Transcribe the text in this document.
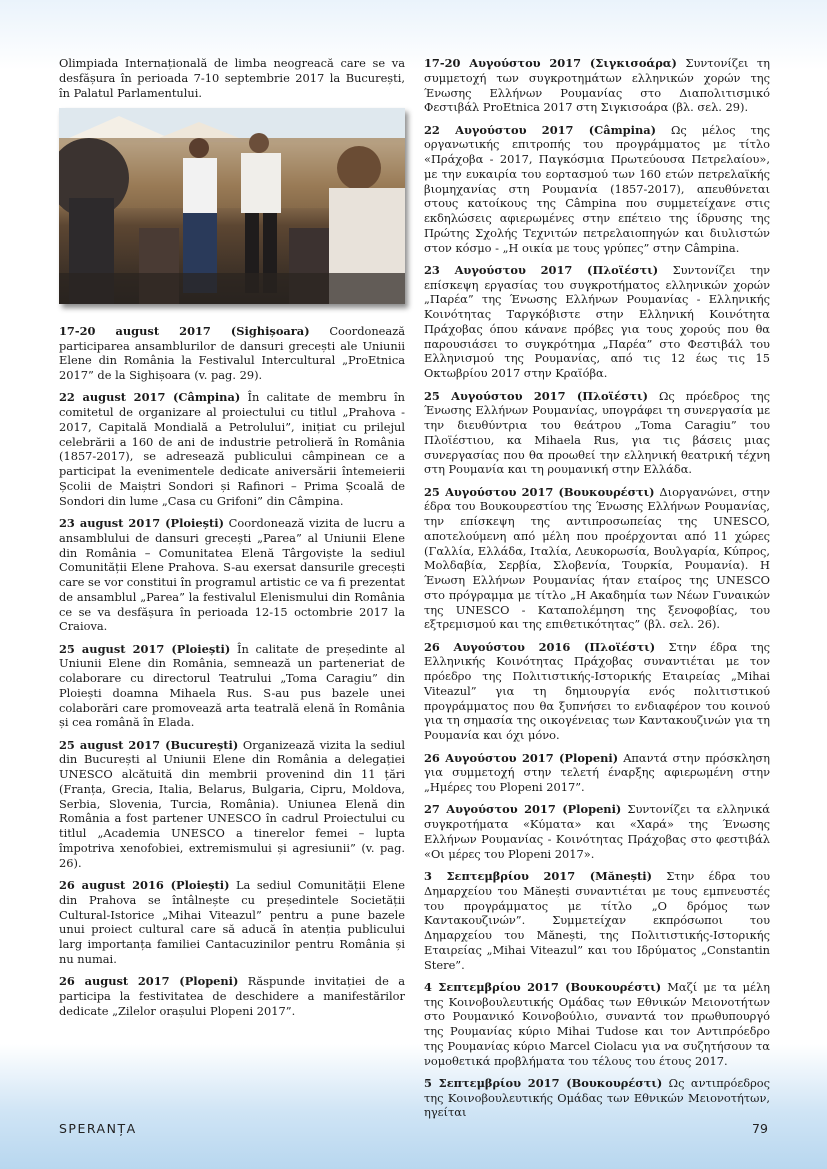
Olimpiada Internațională de limba neogreacă care se va desfășura în perioada 7-10 septembrie 2017 la București, în Palatul Parlamentului.

17-20 august 2017 (Sighișoara) Coordonează participarea ansamblurilor de dansuri grecești ale Uniunii Elene din România la Festivalul Intercultural „ProEtnica 2017” de la Sighișoara (v. pag. 29).

22 august 2017 (Câmpina) În calitate de membru în comitetul de organizare al proiectului cu titlul „Prahova - 2017, Capitală Mondială a Petrolului”, inițiat cu prilejul celebrării a 160 de ani de industrie petrolieră în România (1857-2017), se adresează publicului câmpinean ce a participat la evenimentele dedicate aniversării întemeierii Școlii de Maiștri Sondori și Rafinori – Prima Școală de Sondori din lume „Casa cu Grifoni” din Câmpina.

23 august 2017 (Ploiești) Coordonează vizita de lucru a ansamblului de dansuri grecești „Parea” al Uniunii Elene din România – Comunitatea Elenă Târgoviște la sediul Comunității Elene Prahova. S-au exersat dansurile grecești care se vor constitui în programul artistic ce va fi prezentat de ansamblul „Parea” la festivalul Elenismului din România ce se va desfășura în perioada 12-15 octombrie 2017 la Craiova.

25 august 2017 (Ploiești) În calitate de președinte al Uniunii Elene din România, semnează un parteneriat de colaborare cu directorul Teatrului „Toma Caragiu” din Ploiești doamna Mihaela Rus. S-au pus bazele unei colaborări care promovează arta teatrală elenă în România și cea română în Elada.

25 august 2017 (București) Organizează vizita la sediul din București al Uniunii Elene din România a delegației UNESCO alcătuită din membrii provenind din 11 țări (Franța, Grecia, Italia, Belarus, Bulgaria, Cipru, Moldova, Serbia, Slovenia, Turcia, România). Uniunea Elenă din România a fost partener UNESCO în cadrul Proiectului cu titlul „Academia UNESCO a tinerelor femei – lupta împotriva xenofobiei, extremismului și agresiunii” (v. pag. 26).

26 august 2016 (Ploiești) La sediul Comunității Elene din Prahova se întâlnește cu președintele Societății Cultural-Istorice „Mihai Viteazul” pentru a pune bazele unui proiect cultural care să aducă în atenția publicului larg importanța familiei Cantacuzinilor pentru România și nu numai.

26 august 2017 (Plopeni) Răspunde invitației de a participa la festivitatea de deschidere a manifestărilor dedicate „Zilelor orașului Plopeni 2017”.

17-20 Αυγούστου 2017 (Σιγκισοάρα) Συντονίζει τη συμμετοχή των συγκροτημάτων ελληνικών χορών της Ένωσης Ελλήνων Ρουμανίας στο Διαπολιτισμικό Φεστιβάλ ProEtnica 2017 στη Σιγκισοάρα (βλ. σελ. 29).

22 Αυγούστου 2017 (Câmpina) Ως μέλος της οργανωτικής επιτροπής του προγράμματος με τίτλο «Πράχοβα - 2017, Παγκόσμια Πρωτεύουσα Πετρελαίου», με την ευκαιρία του εορτασμού των 160 ετών πετρελαϊκής βιομηχανίας στη Ρουμανία (1857-2017), απευθύνεται στους κατοίκους της Câmpina που συμμετείχανε στις εκδηλώσεις αφιερωμένες στην επέτειο της ίδρυσης της Πρώτης Σχολής Τεχνιτών πετρελαιοπηγών και διυλιστών στον κόσμο - „Η οικία με τους γρύπες” στην Câmpina.

23 Αυγούστου 2017 (Πλοϊέστι) Συντονίζει την επίσκεψη εργασίας του συγκροτήματος ελληνικών χορών „Παρέα” της Ένωσης Ελλήνων Ρουμανίας - Ελληνικής Κοινότητας Ταργκόβιστε στην Ελληνική Κοινότητα Πράχοβας όπου κάνανε πρόβες για τους χορούς που θα παρουσιάσει το συγκρότημα „Παρέα” στο Φεστιβάλ του Ελληνισμού της Ρουμανίας, από τις 12 έως τις 15 Οκτωβρίου 2017 στην Κραϊόβα.

25 Αυγούστου 2017 (Πλοϊέστι) Ως πρόεδρος της Ένωσης Ελλήνων Ρουμανίας, υπογράφει τη συνεργασία με την διευθύντρια του θεάτρου „Toma Caragiu” του Πλοϊέστιου, κα Mihaela Rus, για τις βάσεις μιας συνεργασίας που θα προωθεί την ελληνική θεατρική τέχνη στη Ρουμανία και τη ρουμανική στην Ελλάδα.

25 Αυγούστου 2017 (Βουκουρέστι) Διοργανώνει, στην έδρα του Βουκουρεστίου της Ένωσης Ελλήνων Ρουμανίας, την επίσκεψη της αντιπροσωπείας της UNESCO, αποτελούμενη από μέλη που προέρχονται από 11 χώρες (Γαλλία, Ελλάδα, Ιταλία, Λευκορωσία, Βουλγαρία, Κύπρος, Μολδαβία, Σερβία, Σλοβενία, Τουρκία, Ρουμανία). Η Ένωση Ελλήνων Ρουμανίας ήταν εταίρος της UNESCO στο πρόγραμμα με τίτλο „Η Ακαδημία των Νέων Γυναικών της UNESCO - Καταπολέμηση της ξενοφοβίας, του εξτρεμισμού και της επιθετικότητας” (βλ. σελ. 26).

26 Αυγούστου 2016 (Πλοϊέστι) Στην έδρα της Ελληνικής Κοινότητας Πράχοβας συναντιέται με τον πρόεδρο της Πολιτιστικής-Ιστορικής Εταιρείας „Mihai Viteazul” για τη δημιουργία ενός πολιτιστικού προγράμματος που θα ξυπνήσει το ενδιαφέρον του κοινού για τη σημασία της οικογένειας των Καντακουζινών για τη Ρουμανία και όχι μόνο.

26 Αυγούστου 2017 (Plopeni) Απαντά στην πρόσκληση για συμμετοχή στην τελετή έναρξης αφιερωμένη στην „Ημέρες του Plopeni 2017”.

27 Αυγούστου 2017 (Plopeni) Συντονίζει τα ελληνικά συγκροτήματα «Κύματα» και «Χαρά» της Ένωσης Ελλήνων Ρουμανίας - Κοινότητας Πράχοβας στο φεστιβάλ «Οι μέρες του Plopeni 2017».

3 Σεπτεμβρίου 2017 (Mănești) Στην έδρα του Δημαρχείου του Mănești συναντιέται με τους εμπνευστές του προγράμματος με τίτλο „Ο δρόμος των Καντακουζινών”. Συμμετείχαν εκπρόσωποι του Δημαρχείου του Mănești, της Πολιτιστικής-Ιστορικής Εταιρείας „Mihai Viteazul” και του Ιδρύματος „Constantin Stere”.

4 Σεπτεμβρίου 2017 (Βουκουρέστι) Μαζί με τα μέλη της Κοινοβουλευτικής Ομάδας των Εθνικών Μειονοτήτων στο Ρουμανικό Κοινοβούλιο, συναντά τον πρωθυπουργό της Ρουμανίας κύριο Mihai Tudose και τον Αντιπρόεδρο της Ρουμανίας κύριο Marcel Ciolacu για να συζητήσουν τα νομοθετικά προβλήματα του τέλους του έτους 2017.

5 Σεπτεμβρίου 2017 (Βουκουρέστι) Ως αντιπρόεδρος της Κοινοβουλευτικής Ομάδας των Εθνικών Μειονοτήτων, ηγείται

SPERANȚA	79
